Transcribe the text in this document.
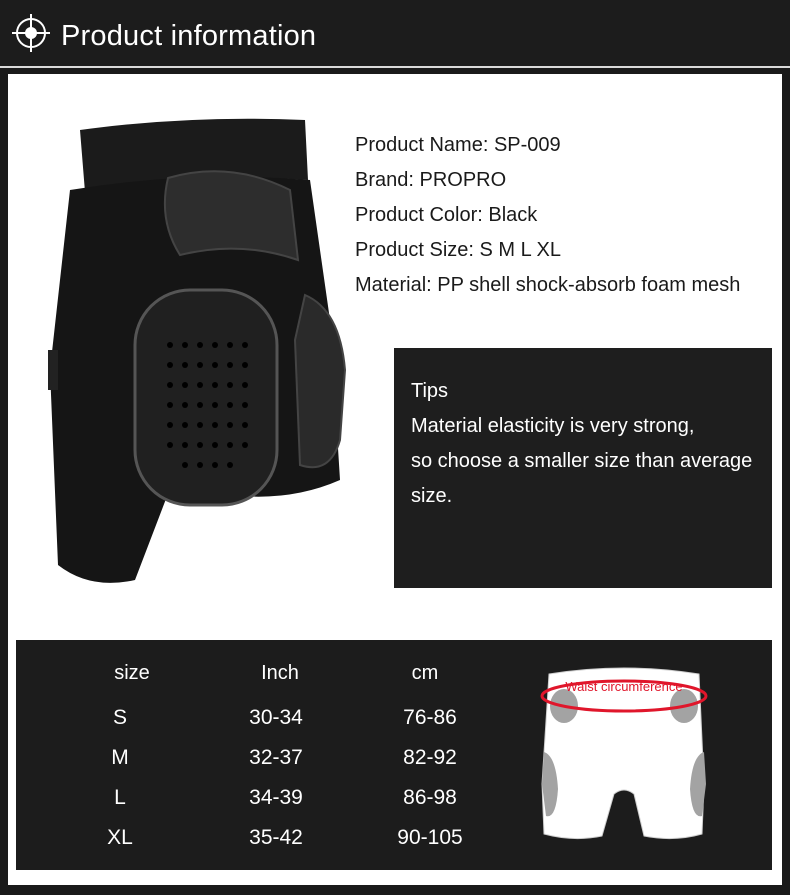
Product information
Product Name: SP-009
Brand: PROPRO
Product Color: Black
Product Size: S M L XL
Material: PP shell shock-absorb foam mesh
Tips
Material elasticity is very strong,
so choose a smaller size than average
size.
size	Inch	cm
S	30-34	76-86
M	32-37	82-92
L	34-39	86-98
XL	35-42	90-105
Waist circumference
